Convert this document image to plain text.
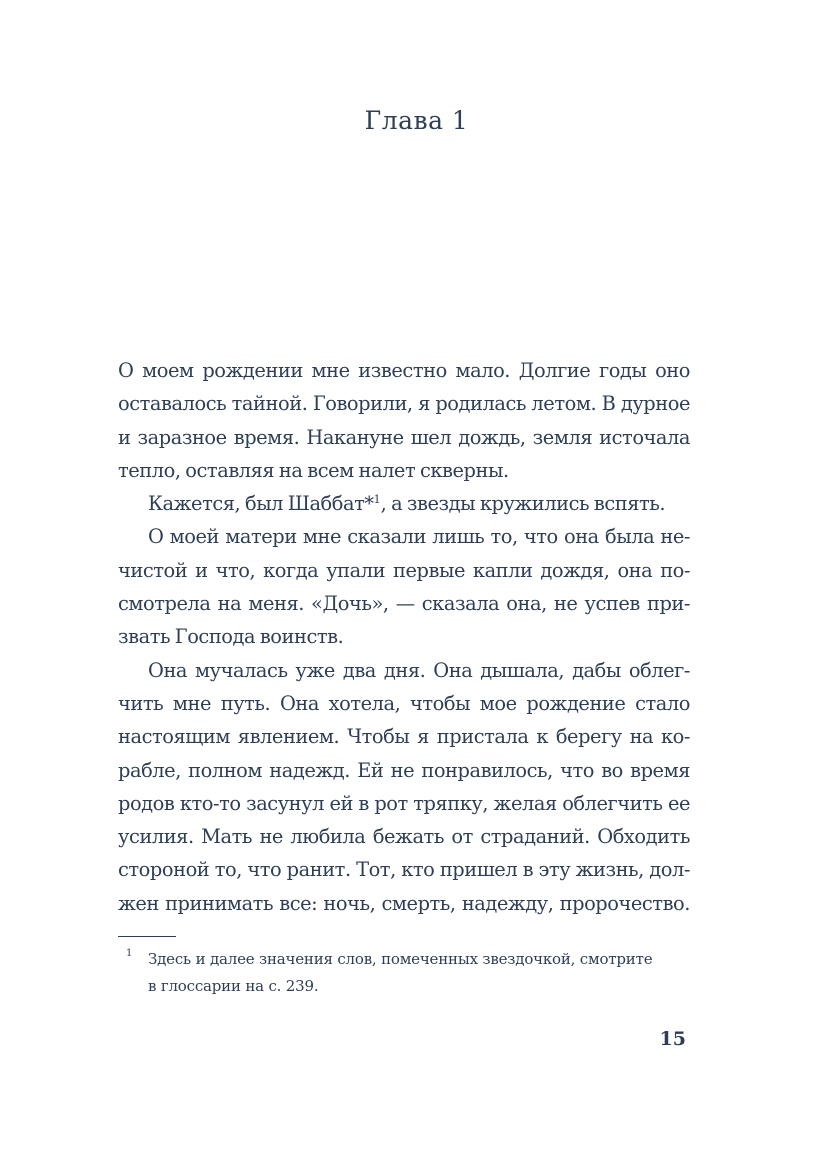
Глава 1
О моем рождении мне известно мало. Долгие годы оно
оставалось тайной. Говорили, я родилась летом. В дурное
и заразное время. Накануне шел дождь, земля источала
тепло, оставляя на всем налет скверны.
Кажется, был Шаббат*$^1$, а звезды кружились вспять.
О моей матери мне сказали лишь то, что она была не-
чистой и что, когда упали первые капли дождя, она по-
смотрела на меня. «Дочь», — сказала она, не успев при-
звать Господа воинств.
Она мучалась уже два дня. Она дышала, дабы облег-
чить мне путь. Она хотела, чтобы мое рождение стало
настоящим явлением. Чтобы я пристала к берегу на ко-
рабле, полном надежд. Ей не понравилось, что во время
родов кто-то засунул ей в рот тряпку, желая облегчить ее
усилия. Мать не любила бежать от страданий. Обходить
стороной то, что ранит. Тот, кто пришел в эту жизнь, дол-
жен принимать все: ночь, смерть, надежду, пророчество.
1	Здесь и далее значения слов, помеченных звездочкой, смотрите
в глоссарии на с. 239.
15
